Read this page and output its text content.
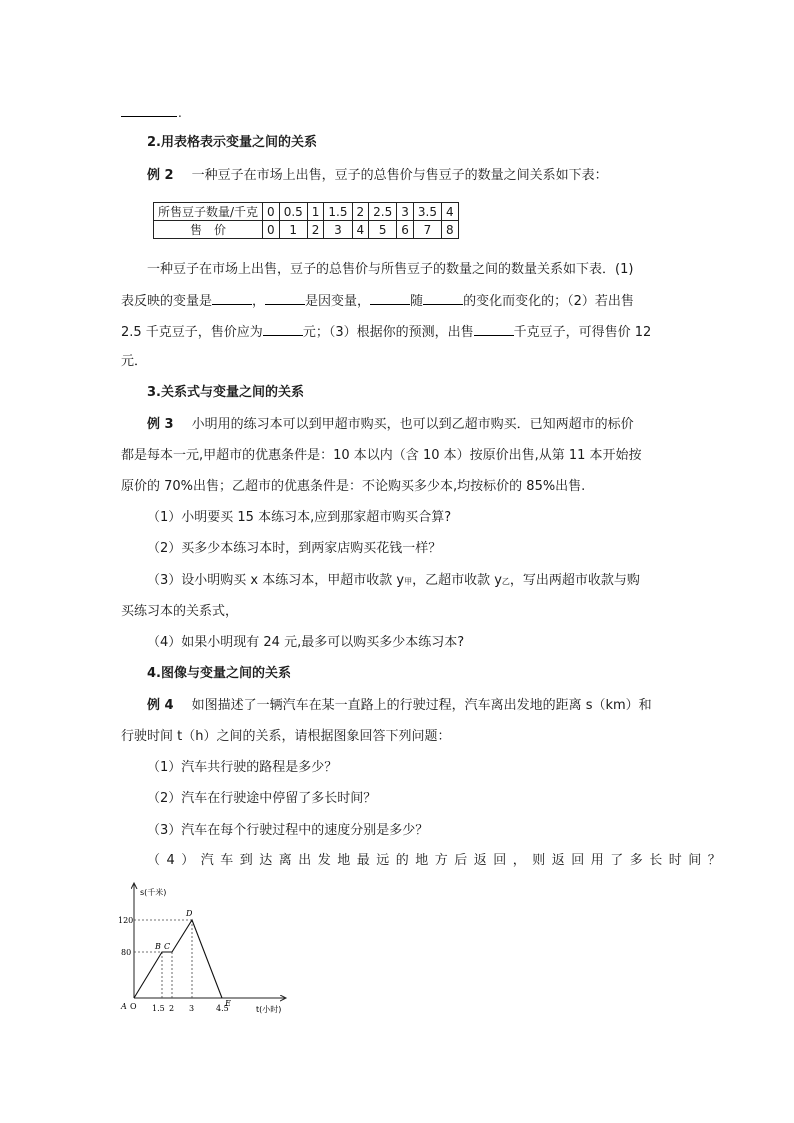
.
2.用表格表示变量之间的关系
例 2 一种豆子在市场上出售，豆子的总售价与售豆子的数量之间关系如下表：
所售豆子数量/千克	0	0.5	1	1.5	2	2.5	3	3.5	4
售　价	0	1	2	3	4	5	6	7	8
一种豆子在市场上出售，豆子的总售价与所售豆子的数量之间的数量关系如下表．(1)
表反映的变量是	，	是因变量，	随	的变化而变化的；（2）若出售
2.5 千克豆子，售价应为	元；（3）根据你的预测，出售	千克豆子，可得售价 12
元．
3.关系式与变量之间的关系
例 3 小明用的练习本可以到甲超市购买，也可以到乙超市购买．已知两超市的标价
都是每本一元,甲超市的优惠条件是：10 本以内（含 10 本）按原价出售,从第 11 本开始按
原价的 70%出售；乙超市的优惠条件是：不论购买多少本,均按标价的 85%出售.
（1）小明要买 15 本练习本,应到那家超市购买合算?
（2）买多少本练习本时，到两家店购买花钱一样？
（3）设小明购买 x 本练习本，甲超市收款 y甲，乙超市收款 y乙，写出两超市收款与购
买练习本的关系式，
（4）如果小明现有 24 元,最多可以购买多少本练习本?
4.图像与变量之间的关系
例 4 如图描述了一辆汽车在某一直路上的行驶过程，汽车离出发地的距离 s（km）和
行驶时间 t（h）之间的关系，请根据图象回答下列问题：
（1）汽车共行驶的路程是多少？
（2）汽车在行驶途中停留了多长时间？
（3）汽车在每个行驶过程中的速度分别是多少？
（4）汽车到达离出发地最远的地方后返回，则返回用了多长时间？
s(千米)
t(小时)
120
80
1.5 2 3	4.5
A O
B C
D
E
